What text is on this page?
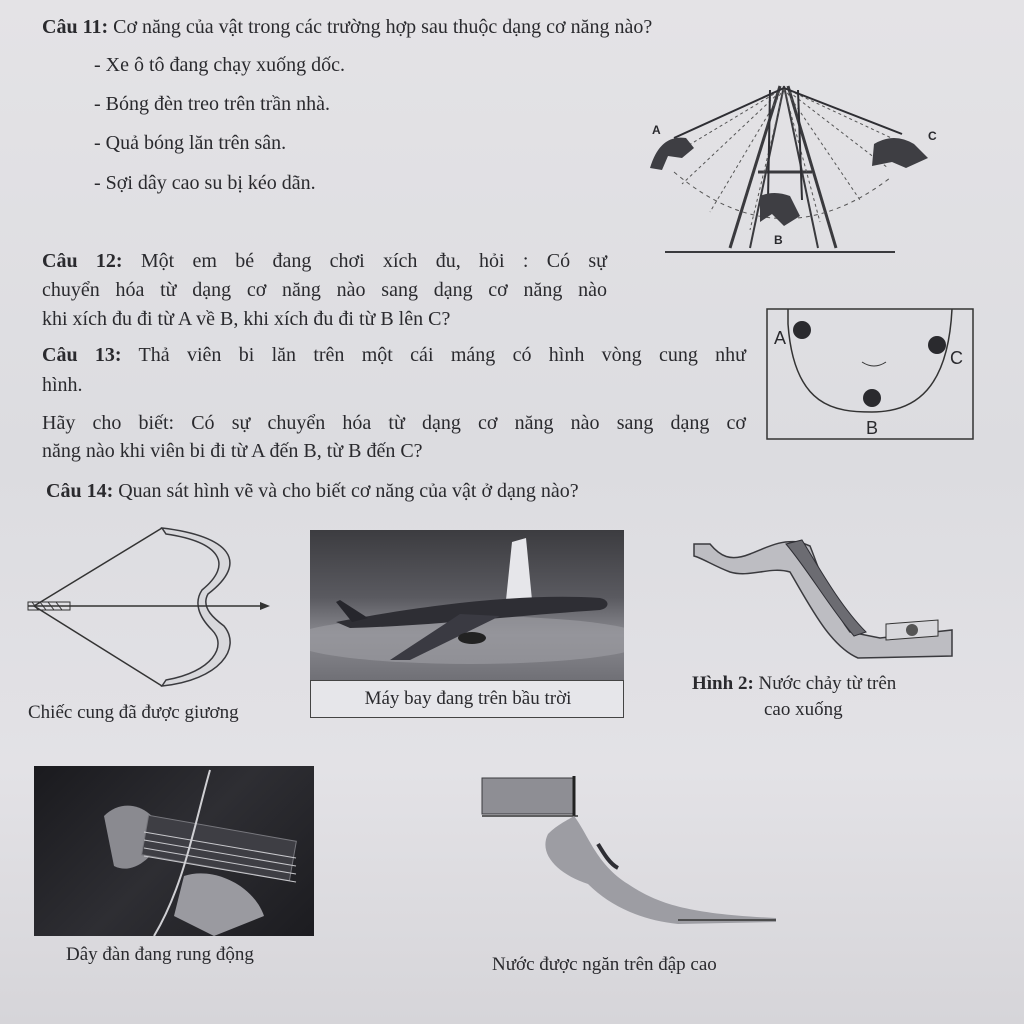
Câu 11: Cơ năng của vật trong các trường hợp sau thuộc dạng cơ năng nào?
- Xe ô tô đang chạy xuống dốc.
- Bóng đèn treo trên trần nhà.
- Quả bóng lăn trên sân.
- Sợi dây cao su bị kéo dãn.
A	C
B
Câu 12: Một em bé đang chơi xích đu, hỏi : Có sự
chuyển hóa từ dạng cơ năng nào sang dạng cơ năng nào
khi xích đu đi từ A về B, khi xích đu đi từ B lên C?
A
B
C
Câu 13: Thả viên bi lăn trên một cái máng có hình vòng cung như
hình.
Hãy cho biết: Có sự chuyển hóa từ dạng cơ năng nào sang dạng cơ
năng nào khi viên bi đi từ A đến B, từ B đến C?
Câu 14: Quan sát hình vẽ và cho biết cơ năng của vật ở dạng nào?
Chiếc cung đã được giương
Máy bay đang trên bầu trời
Hình 2: Nước chảy từ trên
cao xuống
Dây đàn đang rung động	Nước được ngăn trên đập cao
